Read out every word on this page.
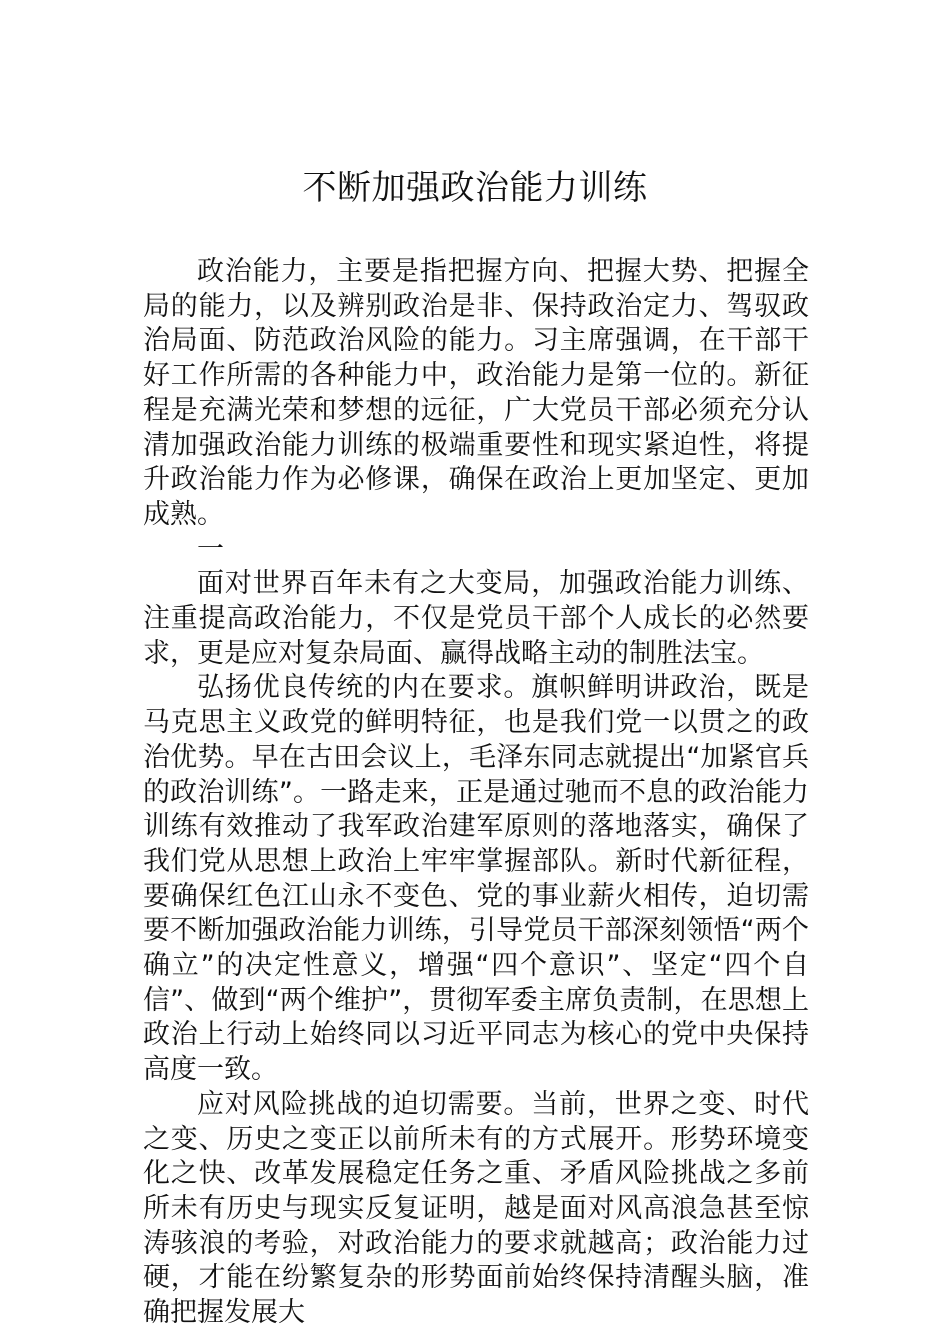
不断加强政治能力训练

政治能力，主要是指把握方向、把握大势、把握全局的能力，以及辨别政治是非、保持政治定力、驾驭政治局面、防范政治风险的能力。习主席强调，在干部干好工作所需的各种能力中，政治能力是第一位的。新征程是充满光荣和梦想的远征，广大党员干部必须充分认清加强政治能力训练的极端重要性和现实紧迫性，将提升政治能力作为必修课，确保在政治上更加坚定、更加成熟。

一

面对世界百年未有之大变局，加强政治能力训练、注重提高政治能力，不仅是党员干部个人成长的必然要求，更是应对复杂局面、赢得战略主动的制胜法宝。

弘扬优良传统的内在要求。旗帜鲜明讲政治，既是马克思主义政党的鲜明特征，也是我们党一以贯之的政治优势。早在古田会议上，毛泽东同志就提出“加紧官兵的政治训练”。一路走来，正是通过驰而不息的政治能力训练有效推动了我军政治建军原则的落地落实，确保了我们党从思想上政治上牢牢掌握部队。新时代新征程，要确保红色江山永不变色、党的事业薪火相传，迫切需要不断加强政治能力训练，引导党员干部深刻领悟“两个确立”的决定性意义，增强“四个意识”、坚定“四个自信”、做到“两个维护”，贯彻军委主席负责制，在思想上政治上行动上始终同以习近平同志为核心的党中央保持高度一致。

应对风险挑战的迫切需要。当前，世界之变、时代之变、历史之变正以前所未有的方式展开。形势环境变化之快、改革发展稳定任务之重、矛盾风险挑战之多前所未有历史与现实反复证明，越是面对风高浪急甚至惊涛骇浪的考验，对政治能力的要求就越高；政治能力过硬，才能在纷繁复杂的形势面前始终保持清醒头脑，准确把握发展大
